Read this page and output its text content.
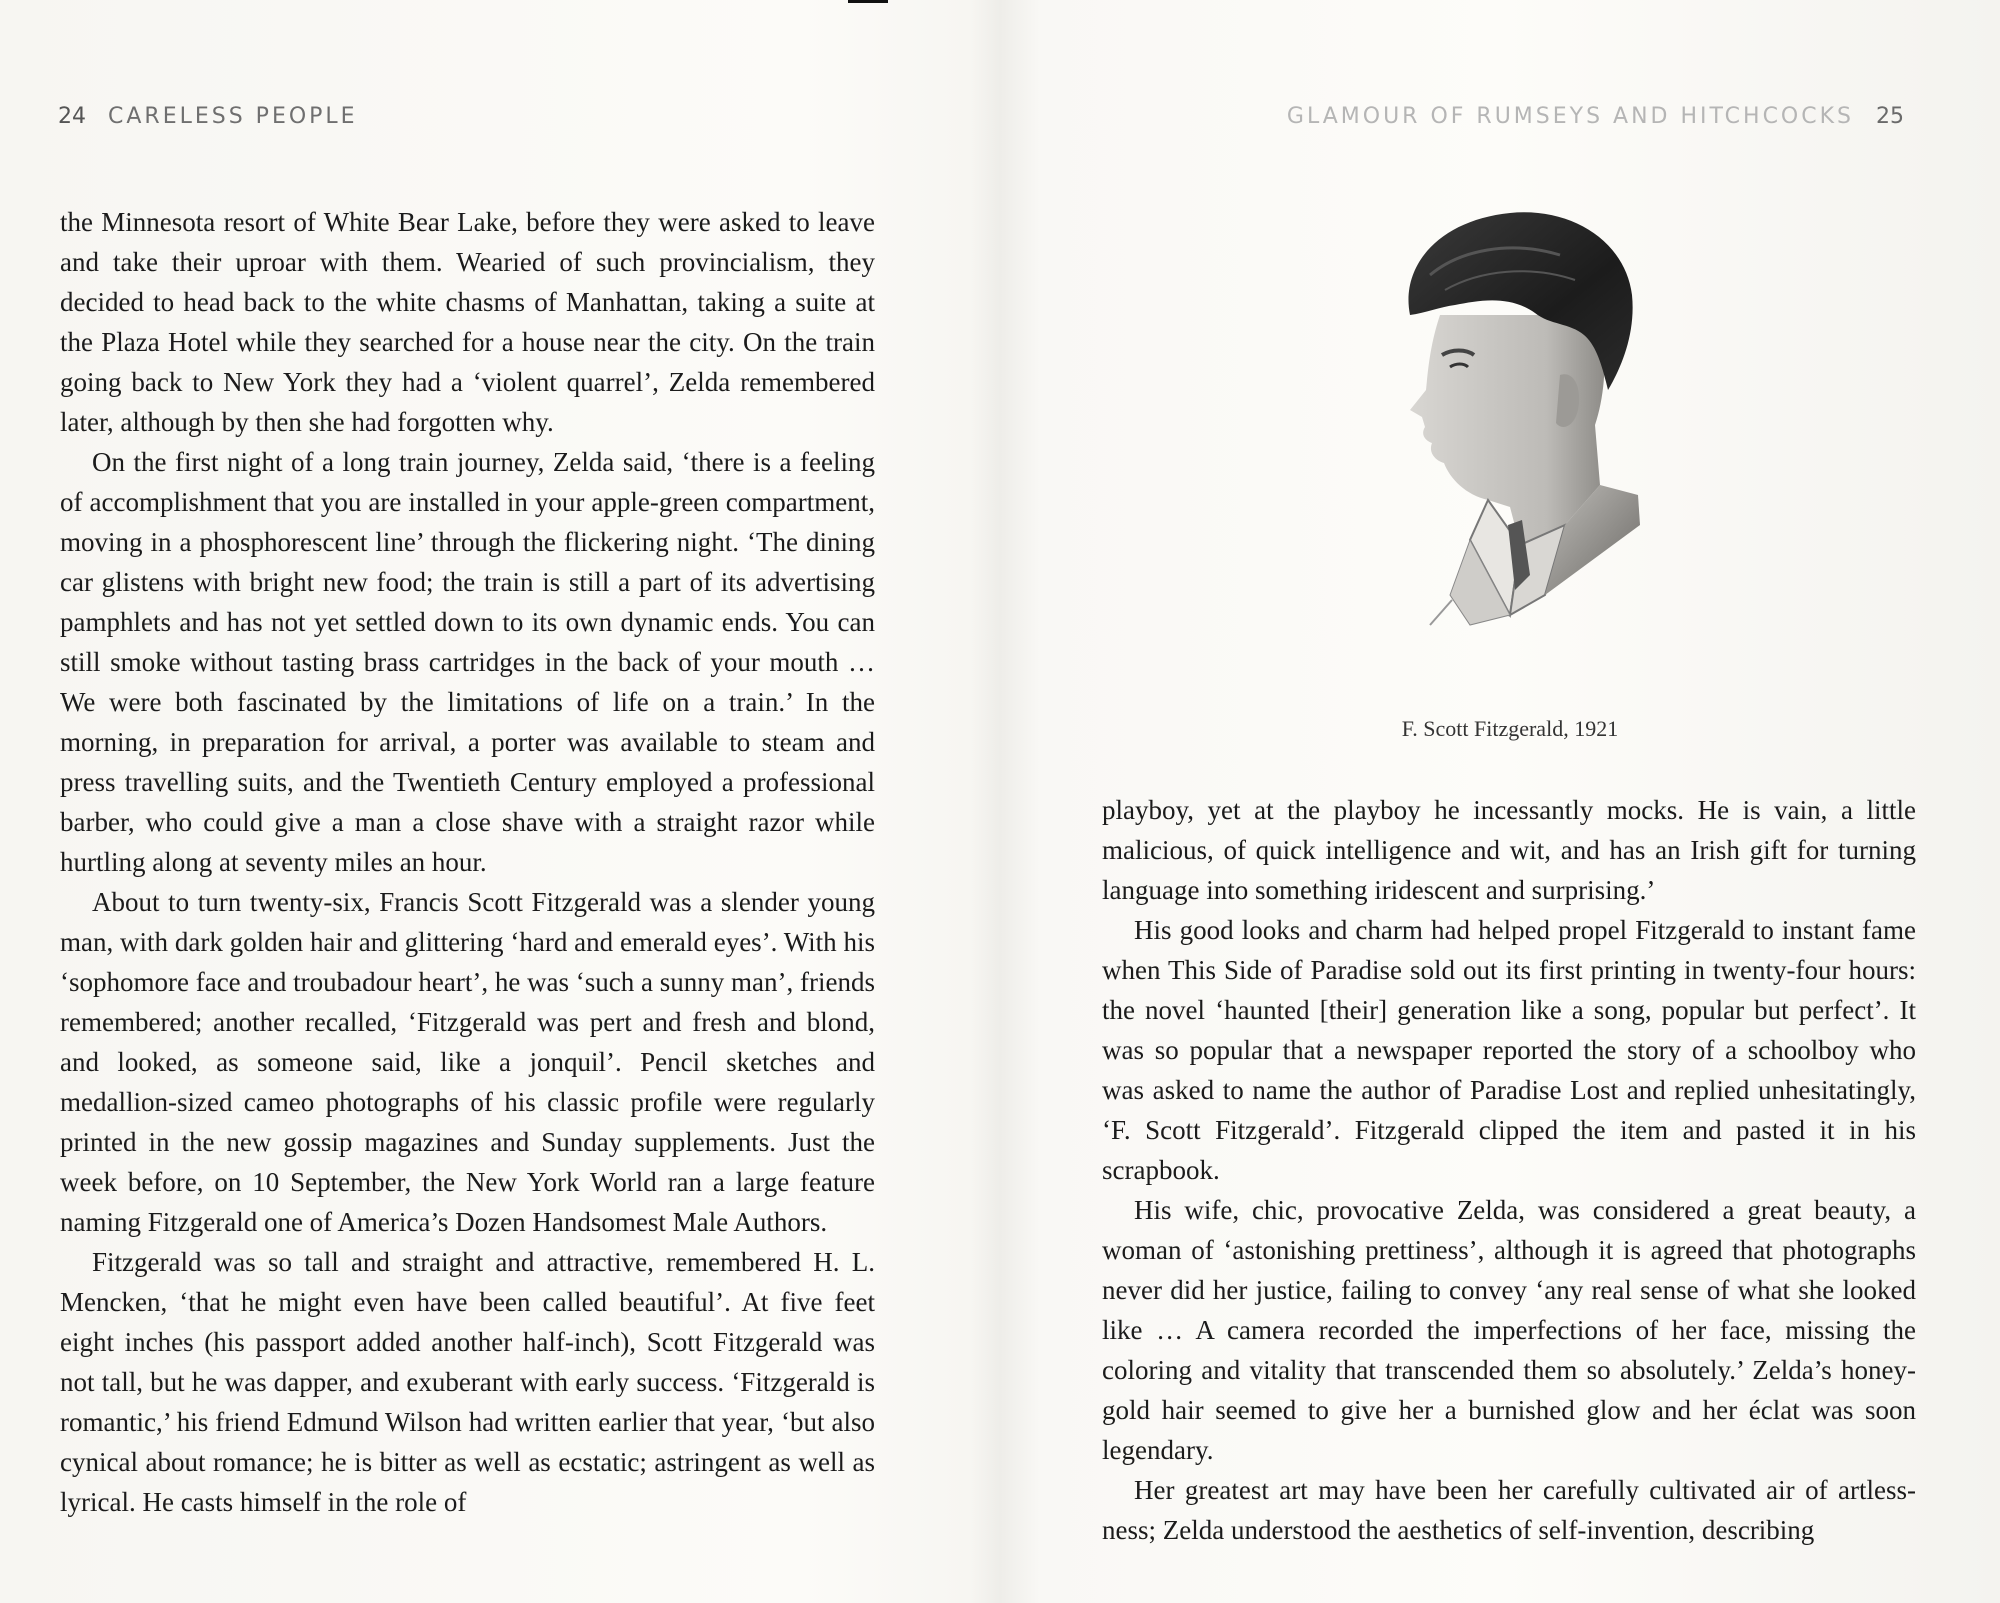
24 CARELESS PEOPLE

the Minnesota resort of White Bear Lake, before they were asked to leave and take their uproar with them. Wearied of such provincialism, they decided to head back to the white chasms of Manhattan, taking a suite at the Plaza Hotel while they searched for a house near the city. On the train going back to New York they had a ‘violent quarrel’, Zelda remembered later, although by then she had forgotten why.

On the first night of a long train journey, Zelda said, ‘there is a feeling of accomplishment that you are installed in your apple-green compartment, moving in a phosphorescent line’ through the flickering night. ‘The dining car glistens with bright new food; the train is still a part of its advertising pamphlets and has not yet settled down to its own dynamic ends. You can still smoke without tasting brass cartridges in the back of your mouth … We were both fascinated by the limitations of life on a train.’ In the morning, in preparation for arrival, a porter was available to steam and press travelling suits, and the Twentieth Century employed a professional barber, who could give a man a close shave with a straight razor while hurtling along at seventy miles an hour.

About to turn twenty-six, Francis Scott Fitzgerald was a slender young man, with dark golden hair and glittering ‘hard and emerald eyes’. With his ‘sophomore face and troubadour heart’, he was ‘such a sunny man’, friends remembered; another recalled, ‘Fitzgerald was pert and fresh and blond, and looked, as someone said, like a jonquil’. Pencil sketches and medallion-sized cameo photographs of his classic profile were regularly printed in the new gossip magazines and Sunday supplements. Just the week before, on 10 September, the New York World ran a large feature naming Fitzgerald one of America’s Dozen Handsomest Male Authors.

Fitzgerald was so tall and straight and attractive, remembered H. L. Mencken, ‘that he might even have been called beautiful’. At five feet eight inches (his passport added another half-inch), Scott Fitzgerald was not tall, but he was dapper, and exuberant with early success. ‘Fitzgerald is romantic,’ his friend Edmund Wilson had written earlier that year, ‘but also cynical about romance; he is bitter as well as ecstatic; astringent as well as lyrical. He casts himself in the role of

GLAMOUR OF RUMSEYS AND HITCHCOCKS 25
F. Scott Fitzgerald, 1921

playboy, yet at the playboy he incessantly mocks. He is vain, a little malicious, of quick intelligence and wit, and has an Irish gift for turning language into something iridescent and surprising.’

His good looks and charm had helped propel Fitzgerald to instant fame when This Side of Paradise sold out its first printing in twenty-four hours: the novel ‘haunted [their] generation like a song, popular but perfect’. It was so popular that a newspaper reported the story of a schoolboy who was asked to name the author of Paradise Lost and replied unhesitatingly, ‘F. Scott Fitzgerald’. Fitzgerald clipped the item and pasted it in his scrapbook.

His wife, chic, provocative Zelda, was considered a great beauty, a woman of ‘astonishing prettiness’, although it is agreed that photographs never did her justice, failing to convey ‘any real sense of what she looked like … A camera recorded the imperfections of her face, missing the coloring and vitality that transcended them so absolutely.’ Zelda’s honey-gold hair seemed to give her a burnished glow and her éclat was soon legendary.

Her greatest art may have been her carefully cultivated air of artlessness; Zelda understood the aesthetics of self-invention, describing
